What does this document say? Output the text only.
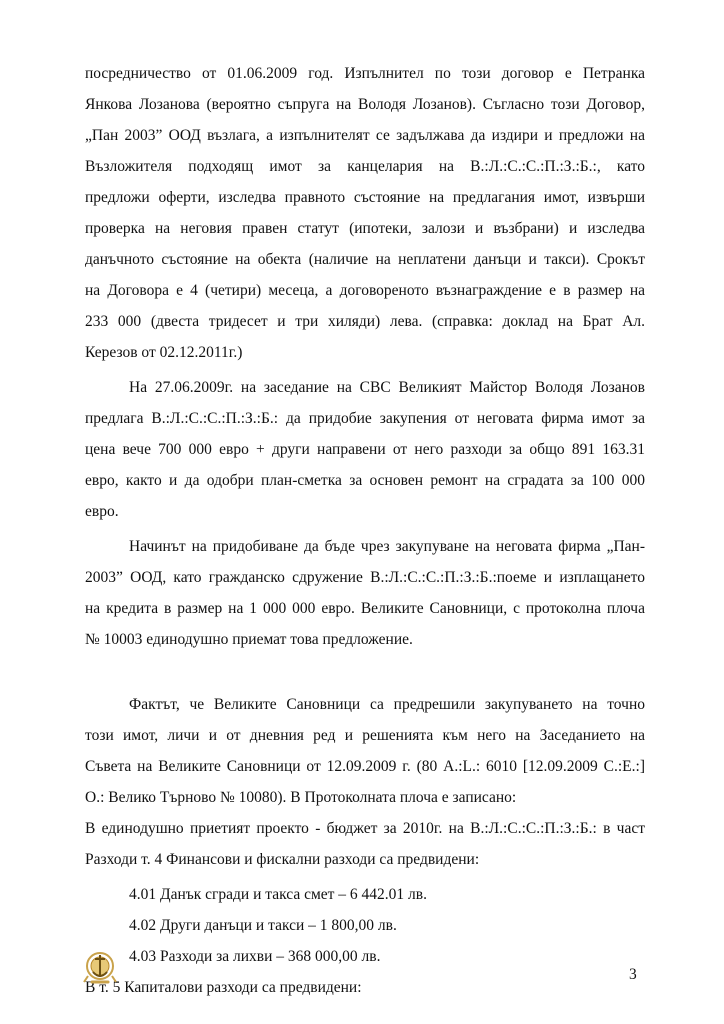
посредничество от 01.06.2009 год. Изпълнител по този договор е Петранка
Янкова Лозанова (вероятно съпруга на Володя Лозанов). Съгласно този Договор,
„Пан 2003” ООД възлага, а изпълнителят се задължава да издири и предложи на
Възложителя подходящ имот за канцелария на В.:Л.:С.:С.:П.:З.:Б.:, като
предложи оферти, изследва правното състояние на предлагания имот, извърши
проверка на неговия правен статут (ипотеки, залози и възбрани) и изследва
данъчното състояние на обекта (наличие на неплатени данъци и такси). Срокът
на Договора е 4 (четири) месеца, а договореното възнаграждение е в размер на
233 000 (двеста тридесет и три хиляди) лева. (справка: доклад на Брат Ал.
Керезов от 02.12.2011г.)
На 27.06.2009г. на заседание на СВС Великият Майстор Володя Лозанов
предлага В.:Л.:С.:С.:П.:З.:Б.: да придобие закупения от неговата фирма имот за
цена вече 700 000 евро + други направени от него разходи за общо 891 163.31
евро, както и да одобри план-сметка за основен ремонт на сградата за 100 000
евро.
Начинът на придобиване да бъде чрез закупуване на неговата фирма „Пан-
2003” ООД, като гражданско сдружение В.:Л.:С.:С.:П.:З.:Б.:поеме и изплащането
на кредита в размер на 1 000 000 евро. Великите Сановници, с протоколна плоча
№ 10003 единодушно приемат това предложение.
Фактът, че Великите Сановници са предрешили закупуването на точно
този имот, личи и от дневния ред и решенията към него на Заседанието на
Съвета на Великите Сановници от 12.09.2009 г. (80 А.:L.: 6010 [12.09.2009 С.:Е.:]
О.: Велико Търново № 10080). В Протоколната плоча е записано:
В единодушно приетият проекто - бюджет за 2010г. на В.:Л.:С.:С.:П.:З.:Б.: в част
Разходи т. 4 Финансови и фискални разходи са предвидени:
4.01 Данък сгради и такса смет – 6 442.01 лв.
4.02 Други данъци и такси – 1 800,00 лв.
4.03 Разходи за лихви – 368 000,00 лв.
В т. 5 Капиталови разходи са предвидени:
3
